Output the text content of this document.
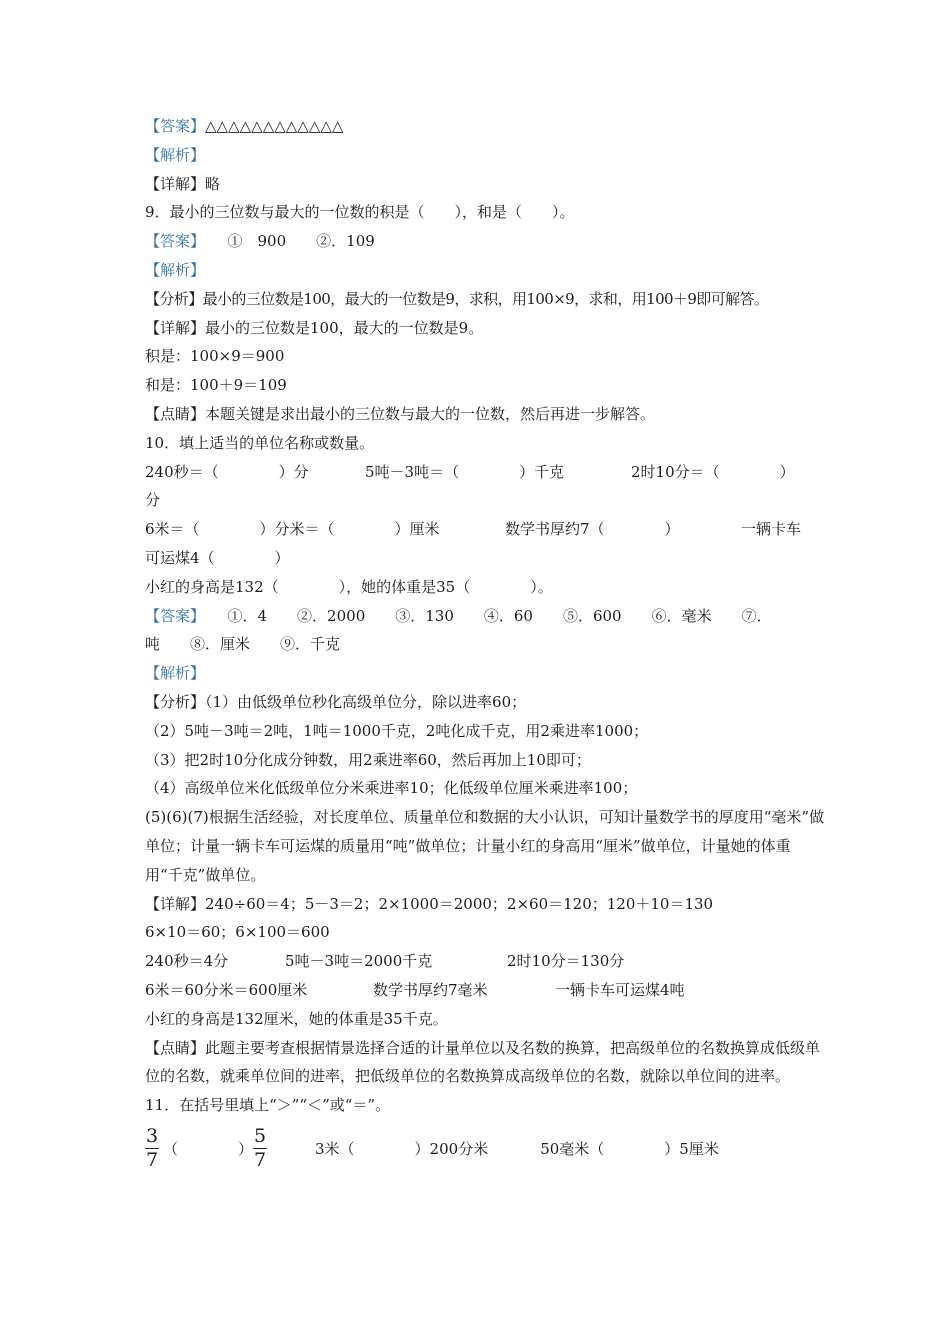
【答案】△△△△△△△△△△△△
【解析】
【详解】略
9．最小的三位数与最大的一位数的积是（　　），和是（　　）。
【答案】　　①　900　　②．109
【解析】
【分析】最小的三位数是100，最大的一位数是9，求积，用100×9，求和，用100＋9即可解答。
【详解】最小的三位数是100，最大的一位数是9。
积是：100×9＝900
和是：100＋9＝109
【点睛】本题关键是求出最小的三位数与最大的一位数，然后再进一步解答。
10．填上适当的单位名称或数量。
240秒＝（　　　　）分	5吨－3吨＝（　　　　）千克	2时10分＝（　　　　）
分
6米＝（　　　　）分米＝（　　　　）厘米	数学书厚约7（　　　　）	一辆卡车
可运煤4（　　　　）
小红的身高是132（　　　　），她的体重是35（　　　　）。
【答案】　　①．4　　②．2000　　③．130　　④．60　　⑤．600　　⑥．毫米　　⑦．
吨　　⑧．厘米　　⑨．千克
【解析】
【分析】（1）由低级单位秒化高级单位分，除以进率60；
（2）5吨－3吨＝2吨，1吨＝1000千克，2吨化成千克，用2乘进率1000；
（3）把2时10分化成分钟数，用2乘进率60，然后再加上10即可；
（4）高级单位米化低级单位分米乘进率10；化低级单位厘米乘进率100；
(5)(6)(7)根据生活经验，对长度单位、质量单位和数据的大小认识，可知计量数学书的厚度用“毫米”做单位；计量一辆卡车可运煤的质量用“吨”做单位；计量小红的身高用“厘米”做单位，计量她的体重用“千克”做单位。
【详解】240÷60＝4；5－3＝2；2×1000＝2000；2×60＝120；120＋10＝130
6×10＝60；6×100＝600
240秒＝4分	5吨－3吨＝2000千克	2时10分＝130分
6米＝60分米＝600厘米	数学书厚约7毫米	一辆卡车可运煤4吨
小红的身高是132厘米，她的体重是35千克。
【点睛】此题主要考查根据情景选择合适的计量单位以及名数的换算，把高级单位的名数换算成低级单位的名数，就乘单位间的进率，把低级单位的名数换算成高级单位的名数，就除以单位间的进率。
11．在括号里填上“＞”“＜”或“＝”。
$\frac{3}{7}$ （　　　　） $\frac{5}{7}$	3米（　　　　）200分米	50毫米（　　　　）5厘米
